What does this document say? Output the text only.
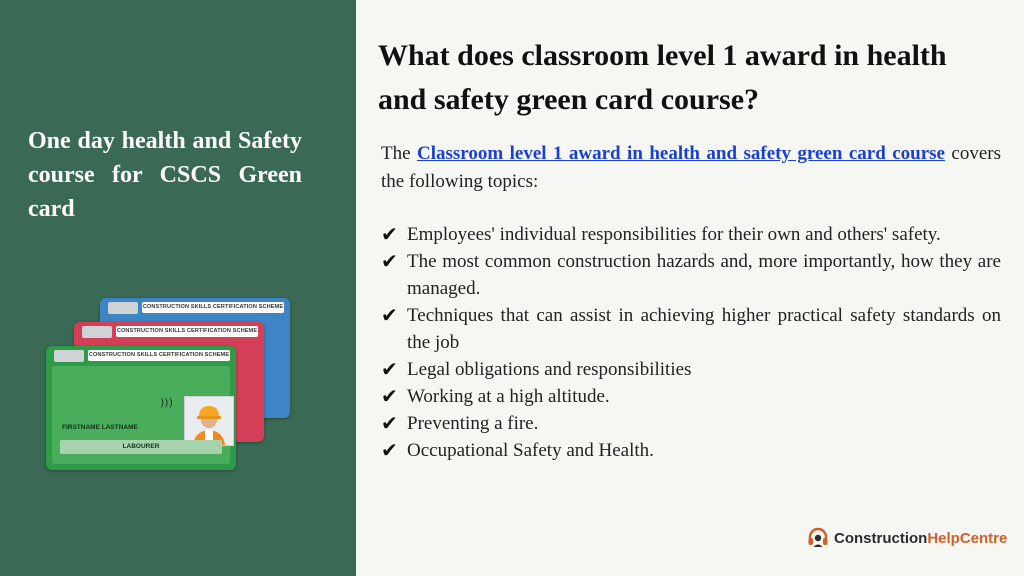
One day health and Safety course for CSCS Green card
CONSTRUCTION SKILLS CERTIFICATION SCHEME
CONSTRUCTION SKILLS CERTIFICATION SCHEME
CONSTRUCTION SKILLS CERTIFICATION SCHEME
)))
FIRSTNAME LASTNAME
LABOURER
What does classroom level 1 award in health and safety green card course?
The Classroom level 1 award in health and safety green card course covers the following topics:
✔ Employees' individual responsibilities for their own and others' safety.
✔ The most common construction hazards and, more importantly, how they are managed.
✔ Techniques that can assist in achieving higher practical safety standards on the job
✔ Legal obligations and responsibilities
✔ Working at a high altitude.
✔ Preventing a fire.
✔ Occupational Safety and Health.
ConstructionHelpCentre
